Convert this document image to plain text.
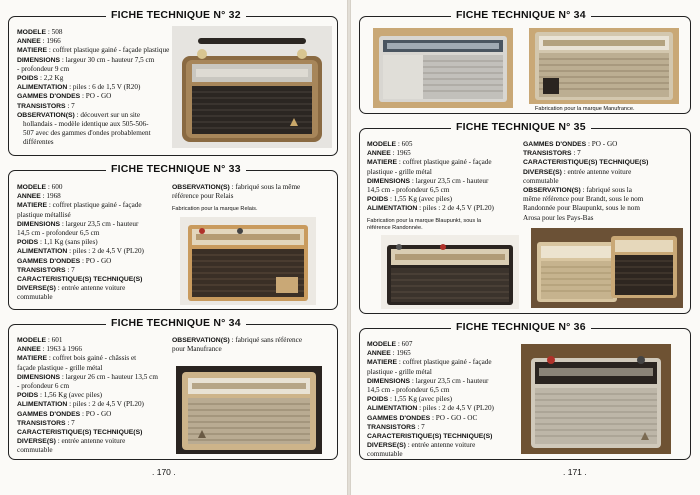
FICHE TECHNIQUE N° 32
MODELE : 508
ANNEE : 1966
MATIERE : coffret plastique gainé - façade plastique
DIMENSIONS : largeur 30 cm - hauteur 7,5 cm
- profondeur 9 cm
POIDS : 2,2 Kg
ALIMENTATION : piles : 6 de 1,5 V (R20)
GAMMES D'ONDES : PO - GO
TRANSISTORS : 7
OBSERVATION(S) : découvert sur un site
hollandais - modèle identique aux 505-506-
507 avec des gammes d'ondes probablement
différentes
FICHE TECHNIQUE N° 33
MODELE : 600
ANNEE : 1968
MATIERE : coffret plastique gainé - façade
plastique métallisé
DIMENSIONS : largeur 23,5 cm - hauteur
14,5 cm - profondeur 6,5 cm
POIDS : 1,1 Kg (sans piles)
ALIMENTATION : piles : 2 de 4,5 V (PL20)
GAMMES D'ONDES : PO - GO
TRANSISTORS : 7
CARACTERISTIQUE(S) TECHNIQUE(S)
DIVERSE(S) : entrée antenne voiture
commutable
OBSERVATION(S) : fabriqué sous la même
référence pour Relais
Fabrication pour la marque Relais.
FICHE TECHNIQUE N° 34
MODELE : 601
ANNEE : 1963 à 1966
MATIERE : coffret bois gainé - châssis et
façade plastique - grille métal
DIMENSIONS : largeur 26 cm - hauteur 13,5 cm
- profondeur 6 cm
POIDS : 1,56 Kg (avec piles)
ALIMENTATION : piles : 2 de 4,5 V (PL20)
GAMMES D'ONDES : PO - GO
TRANSISTORS : 7
CARACTERISTIQUE(S) TECHNIQUE(S)
DIVERSE(S) : entrée antenne voiture
commutable
OBSERVATION(S) : fabriqué sans référence
pour Manufrance
. 170 .
FICHE TECHNIQUE N° 34
Fabrication pour la marque Manufrance.
FICHE TECHNIQUE N° 35
MODELE : 605
ANNEE : 1965
MATIERE : coffret plastique gainé - façade
plastique - grille métal
DIMENSIONS : largeur 23,5 cm - hauteur
14,5 cm - profondeur 6,5 cm
POIDS : 1,55 Kg (avec piles)
ALIMENTATION : piles : 2 de 4,5 V (PL20)
GAMMES D'ONDES : PO - GO
TRANSISTORS : 7
CARACTERISTIQUE(S) TECHNIQUE(S)
DIVERSE(S) : entrée antenne voiture
commutable
OBSERVATION(S) : fabriqué sous la
même référence pour Brandt, sous le nom
Randonnée pour Blaupunkt, sous le nom
Arosa pour les Pays-Bas
Fabrication pour la marque Blaupunkt, sous la
référence Randonnée.
FICHE TECHNIQUE N° 36
MODELE : 607
ANNEE : 1965
MATIERE : coffret plastique gainé - façade
plastique - grille métal
DIMENSIONS : largeur 23,5 cm - hauteur
14,5 cm - profondeur 6,5 cm
POIDS : 1,55 Kg (avec piles)
ALIMENTATION : piles : 2 de 4,5 V (PL20)
GAMMES D'ONDES : PO - GO - OC
TRANSISTORS : 7
CARACTERISTIQUE(S) TECHNIQUE(S)
DIVERSE(S) : entrée antenne voiture
commutable
. 171 .
